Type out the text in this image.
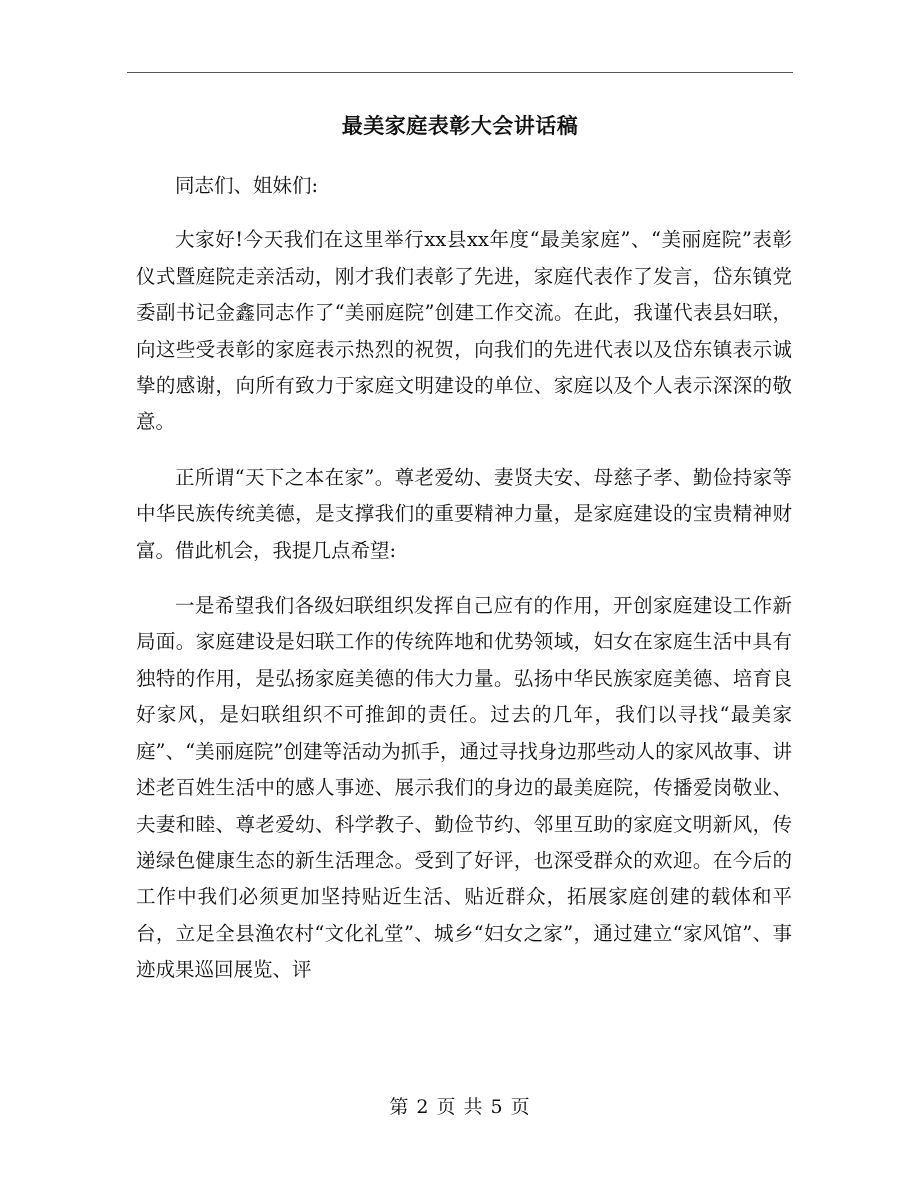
最美家庭表彰大会讲话稿

同志们、姐妹们:

大家好!今天我们在这里举行xx县xx年度“最美家庭”、“美丽庭院”表彰仪式暨庭院走亲活动，刚才我们表彰了先进，家庭代表作了发言，岱东镇党委副书记金鑫同志作了“美丽庭院”创建工作交流。在此，我谨代表县妇联，向这些受表彰的家庭表示热烈的祝贺，向我们的先进代表以及岱东镇表示诚挚的感谢，向所有致力于家庭文明建设的单位、家庭以及个人表示深深的敬意。

正所谓“天下之本在家”。尊老爱幼、妻贤夫安、母慈子孝、勤俭持家等中华民族传统美德，是支撑我们的重要精神力量，是家庭建设的宝贵精神财富。借此机会，我提几点希望:

一是希望我们各级妇联组织发挥自己应有的作用，开创家庭建设工作新局面。家庭建设是妇联工作的传统阵地和优势领域，妇女在家庭生活中具有独特的作用，是弘扬家庭美德的伟大力量。弘扬中华民族家庭美德、培育良好家风，是妇联组织不可推卸的责任。过去的几年，我们以寻找“最美家庭”、“美丽庭院”创建等活动为抓手，通过寻找身边那些动人的家风故事、讲述老百姓生活中的感人事迹、展示我们的身边的最美庭院，传播爱岗敬业、夫妻和睦、尊老爱幼、科学教子、勤俭节约、邻里互助的家庭文明新风，传递绿色健康生态的新生活理念。受到了好评，也深受群众的欢迎。在今后的工作中我们必须更加坚持贴近生活、贴近群众，拓展家庭创建的载体和平台，立足全县渔农村“文化礼堂”、城乡“妇女之家”，通过建立“家风馆”、事迹成果巡回展览、评

第 2 页 共 5 页
